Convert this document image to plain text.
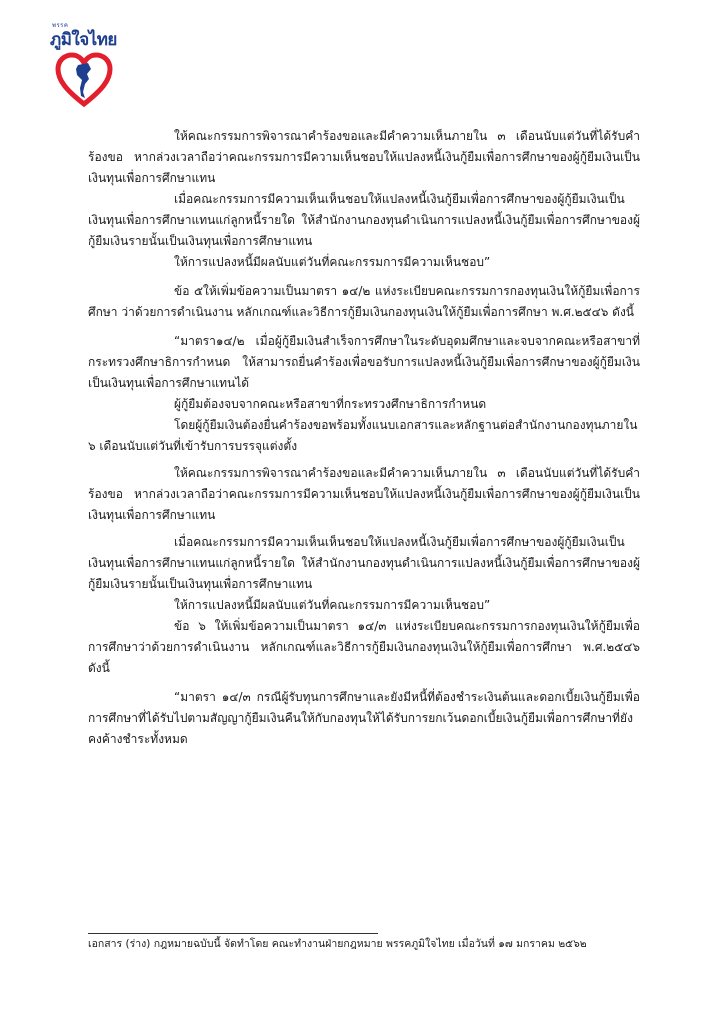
พรรค
ภูมิใจไทย

ให้คณะกรรมการพิจารณาคำร้องขอและมีคำความเห็นภายใน ๓ เดือนนับแต่วันที่ได้รับคำร้องขอ หากล่วงเวลาถือว่าคณะกรรมการมีความเห็นชอบให้แปลงหนี้เงินกู้ยืมเพื่อการศึกษาของผู้กู้ยืมเงินเป็นเงินทุนเพื่อการศึกษาแทน

เมื่อคณะกรรมการมีความเห็นเห็นชอบให้แปลงหนี้เงินกู้ยืมเพื่อการศึกษาของผู้กู้ยืมเงินเป็นเงินทุนเพื่อการศึกษาแทนแก่ลูกหนี้รายใด ให้สำนักงานกองทุนดำเนินการแปลงหนี้เงินกู้ยืมเพื่อการศึกษาของผู้กู้ยืมเงินรายนั้นเป็นเงินทุนเพื่อการศึกษาแทน

ให้การแปลงหนี้มีผลนับแต่วันที่คณะกรรมการมีความเห็นชอบ”

ข้อ ๕ให้เพิ่มข้อความเป็นมาตรา ๑๔/๒ แห่งระเบียบคณะกรรมการกองทุนเงินให้กู้ยืมเพื่อการศึกษา ว่าด้วยการดำเนินงาน หลักเกณฑ์และวิธีการกู้ยืมเงินกองทุนเงินให้กู้ยืมเพื่อการศึกษา พ.ศ.๒๕๔๖ ดังนี้

“มาตรา๑๔/๒ เมื่อผู้กู้ยืมเงินสำเร็จการศึกษาในระดับอุดมศึกษาและจบจากคณะหรือสาขาที่กระทรวงศึกษาธิการกำหนด ให้สามารถยื่นคำร้องเพื่อขอรับการแปลงหนี้เงินกู้ยืมเพื่อการศึกษาของผู้กู้ยืมเงินเป็นเงินทุนเพื่อการศึกษาแทนได้

ผู้กู้ยืมต้องจบจากคณะหรือสาขาที่กระทรวงศึกษาธิการกำหนด

โดยผู้กู้ยืมเงินต้องยื่นคำร้องขอพร้อมทั้งแนบเอกสารและหลักฐานต่อสำนักงานกองทุนภายใน ๖ เดือนนับแต่วันที่เข้ารับการบรรจุแต่งตั้ง

ให้คณะกรรมการพิจารณาคำร้องขอและมีคำความเห็นภายใน ๓ เดือนนับแต่วันที่ได้รับคำร้องขอ หากล่วงเวลาถือว่าคณะกรรมการมีความเห็นชอบให้แปลงหนี้เงินกู้ยืมเพื่อการศึกษาของผู้กู้ยืมเงินเป็นเงินทุนเพื่อการศึกษาแทน

เมื่อคณะกรรมการมีความเห็นเห็นชอบให้แปลงหนี้เงินกู้ยืมเพื่อการศึกษาของผู้กู้ยืมเงินเป็นเงินทุนเพื่อการศึกษาแทนแก่ลูกหนี้รายใด ให้สำนักงานกองทุนดำเนินการแปลงหนี้เงินกู้ยืมเพื่อการศึกษาของผู้กู้ยืมเงินรายนั้นเป็นเงินทุนเพื่อการศึกษาแทน

ให้การแปลงหนี้มีผลนับแต่วันที่คณะกรรมการมีความเห็นชอบ”

ข้อ ๖ ให้เพิ่มข้อความเป็นมาตรา ๑๔/๓ แห่งระเบียบคณะกรรมการกองทุนเงินให้กู้ยืมเพื่อการศึกษาว่าด้วยการดำเนินงาน หลักเกณฑ์และวิธีการกู้ยืมเงินกองทุนเงินให้กู้ยืมเพื่อการศึกษา พ.ศ.๒๕๔๖ ดังนี้

“มาตรา ๑๔/๓ กรณีผู้รับทุนการศึกษาและยังมีหนี้ที่ต้องชำระเงินต้นและดอกเบี้ยเงินกู้ยืมเพื่อการศึกษาที่ได้รับไปตามสัญญากู้ยืมเงินคืนให้กับกองทุนให้ได้รับการยกเว้นดอกเบี้ยเงินกู้ยืมเพื่อการศึกษาที่ยังคงค้างชำระทั้งหมด

เอกสาร (ร่าง) กฎหมายฉบับนี้ จัดทำโดย คณะทำงานฝ่ายกฎหมาย พรรคภูมิใจไทย เมื่อวันที่ ๑๗ มกราคม ๒๕๖๒
